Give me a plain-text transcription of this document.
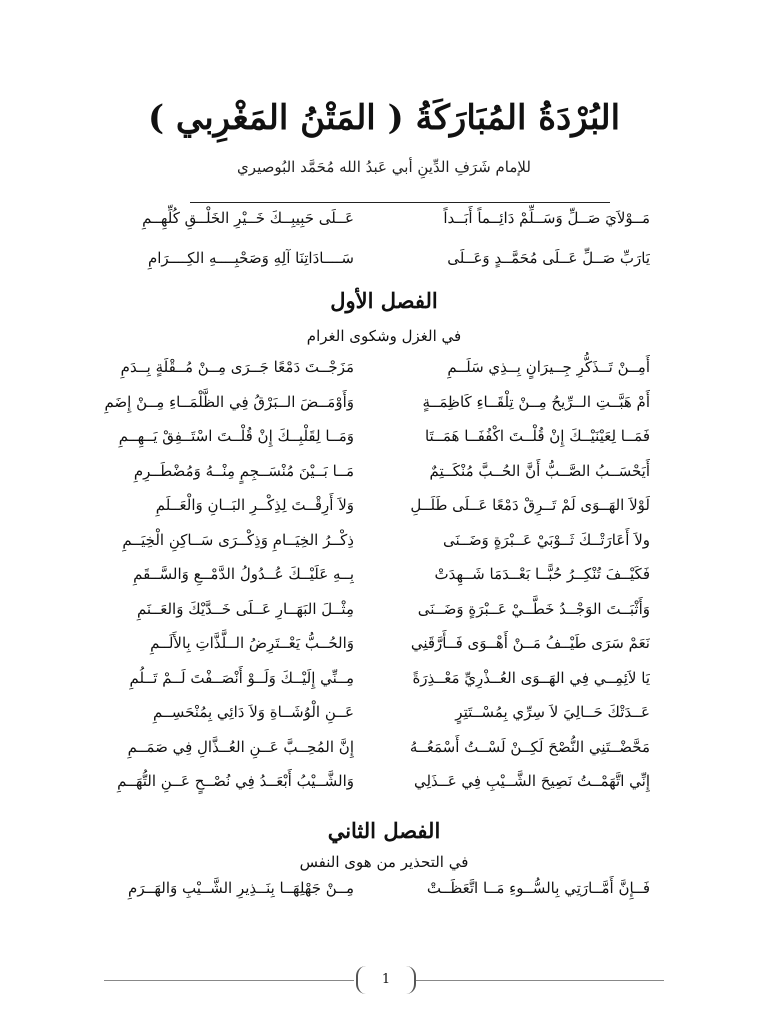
البُرْدَةُ المُبَارَكَةُ ( المَتْنُ المَغْرِبي )
للإمام شَرَفِ الدِّينِ أبي عَبدُ الله مُحَمَّد البُوصيري
مَــوْلاَيَ صَــلِّ وَسَــلِّمْ دَائِــماً أَبَــداً
عَــلَى حَبِيبِــكَ خَــيْرِ الخَلْــقِ كُلِّهِــمِ
يَارَبِّ صَــلِّ عَــلَى مُحَمَّــدٍ وَعَــلَى
سَــــادَاتِنَا آلِهِ وَصَحْبِــــهِ الكِــــرَامِ
الفصل الأول
في الغزل وشكوى الغرام
أَمِــنْ تَــذَكُّرِ جِــيرَانٍ بِــذِي سَلَــمِ
مَزَجْــتَ دَمْعًا جَــرَى مِــنْ مُــقْلَةٍ بِــدَمِ
أَمْ هَبَّــتِ الــرِّيحُ مِــنْ تِلْقَــاءِ كَاظِمَــةٍ
وَأَوْمَــضَ الــبَرْقُ فِي الظَّلْمَــاءِ مِــنْ إِضَمِ
فَمَــا لِعَيْنَيْــكَ إِنْ قُلْــتَ اكْفُفَــا هَمَــتَا
وَمَــا لِقَلْبِــكَ إِنْ قُلْــتَ اسْتَــفِقْ يَــهِــمِ
أَيَحْسَــبُ الصَّــبُّ أَنَّ الحُــبَّ مُنْكَــتِمٌ
مَــا بَــيْنَ مُنْسَــجِمٍ مِنْــهُ وَمُضْطَــرِمِ
لَوْلاَ الهَــوَى لَمْ تَــرِقْ دَمْعًا عَــلَى طَلَــلِ
وَلاَ أَرِقْــتَ لِذِكْــرِ البَــانِ وَالْعَــلَمِ
ولاَ أَعَارَتْــكَ ثَــوْبَيْ عَــبْرَةٍ وَضَــنَى
ذِكْــرُ الخِيَــامِ وَذِكْــرَى سَــاكِنِ الْخِيَــمِ
فَكَيْــفَ تُنْكِــرُ حُبًّــا بَعْــدَمَا شَــهِدَتْ
بِــهِ عَلَيْــكَ عُــدُولُ الدَّمْــعِ وَالسَّــقَمِ
وَأَثْبَــتَ الوَجْــدُ خَطَّــيْ عَــبْرَةٍ وَضَــنَى
مِثْــلَ البَهَــارِ عَــلَى خَــدَّيْكَ وَالعَــنَمِ
نَعَمْ سَرَى طَيْــفُ مَــنْ أَهْــوَى فَــأَرَّقَنِي
وَالحُــبُّ يَعْــتَرِضُ الــلَّذَّاتِ بِالأَلَــمِ
يَا لاَئِمِــي فِي الهَــوَى العُــذْرِيِّ مَعْــذِرَةً
مِــنِّي إِلَيْــكَ وَلَــوْ أَنْصَــفْتَ لَــمْ تَــلُمِ
عَــدَتْكَ حَــالِيَ لاَ سِرِّي بِمُسْــتَتِرٍ
عَــنِ الْوُشَــاةِ وَلاَ دَائِي بِمُنْحَسِــمِ
مَحَّضْــتَنِي النُّصْحَ لَكِــنْ لَسْــتُ أَسْمَعُــهُ
إِنَّ المُحِــبَّ عَــنِ العُــذَّالِ فِي صَمَــمِ
إِنِّي اتَّهَمْــتُ نَصِيحَ الشَّــيْبِ فِي عَــذَلِي
وَالشَّــيْبُ أَبْعَــدُ فِي نُصْــحٍ عَــنِ التُّهَــمِ
الفصل الثاني
في التحذير من هوى النفس
فَــإِنَّ أَمَّــارَتِي بِالسُّــوءِ مَــا اتَّعَظَــتْ
مِــنْ جَهْلِهَــا بِنَــذِيرِ الشَّــيْبِ وَالهَــرَمِ
1
